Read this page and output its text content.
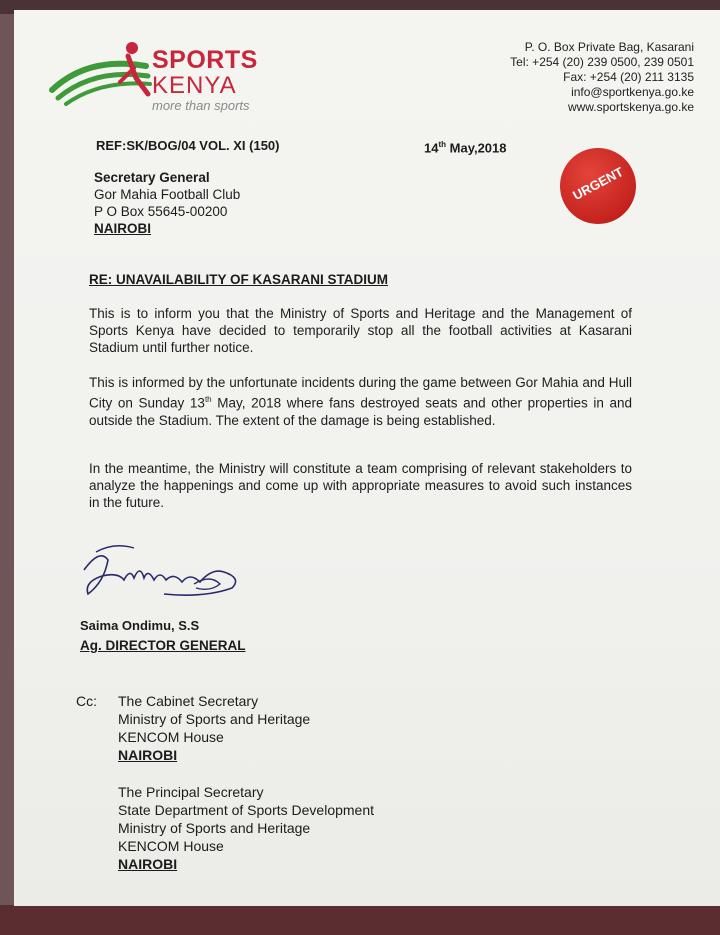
SPORTS
KENYA
more than sports
P. O. Box Private Bag, Kasarani
Tel: +254 (20) 239 0500, 239 0501
Fax: +254 (20) 211 3135
info@sportkenya.go.ke
www.sportskenya.go.ke
REF:SK/BOG/04 VOL. XI (150)	14th May,2018
URGENT
Secretary General
Gor Mahia Football Club
P O Box 55645-00200
NAIROBI
RE: UNAVAILABILITY OF KASARANI STADIUM
This is to inform you that the Ministry of Sports and Heritage and the Management of Sports Kenya have decided to temporarily stop all the football activities at Kasarani Stadium until further notice.
This is informed by the unfortunate incidents during the game between Gor Mahia and Hull City on Sunday 13th May, 2018 where fans destroyed seats and other properties in and outside the Stadium. The extent of the damage is being established.
In the meantime, the Ministry will constitute a team comprising of relevant stakeholders to analyze the happenings and come up with appropriate measures to avoid such instances in the future.
Saima Ondimu, S.S
Ag. DIRECTOR GENERAL
Cc: The Cabinet Secretary
Ministry of Sports and Heritage
KENCOM House
NAIROBI
The Principal Secretary
State Department of Sports Development
Ministry of Sports and Heritage
KENCOM House
NAIROBI
